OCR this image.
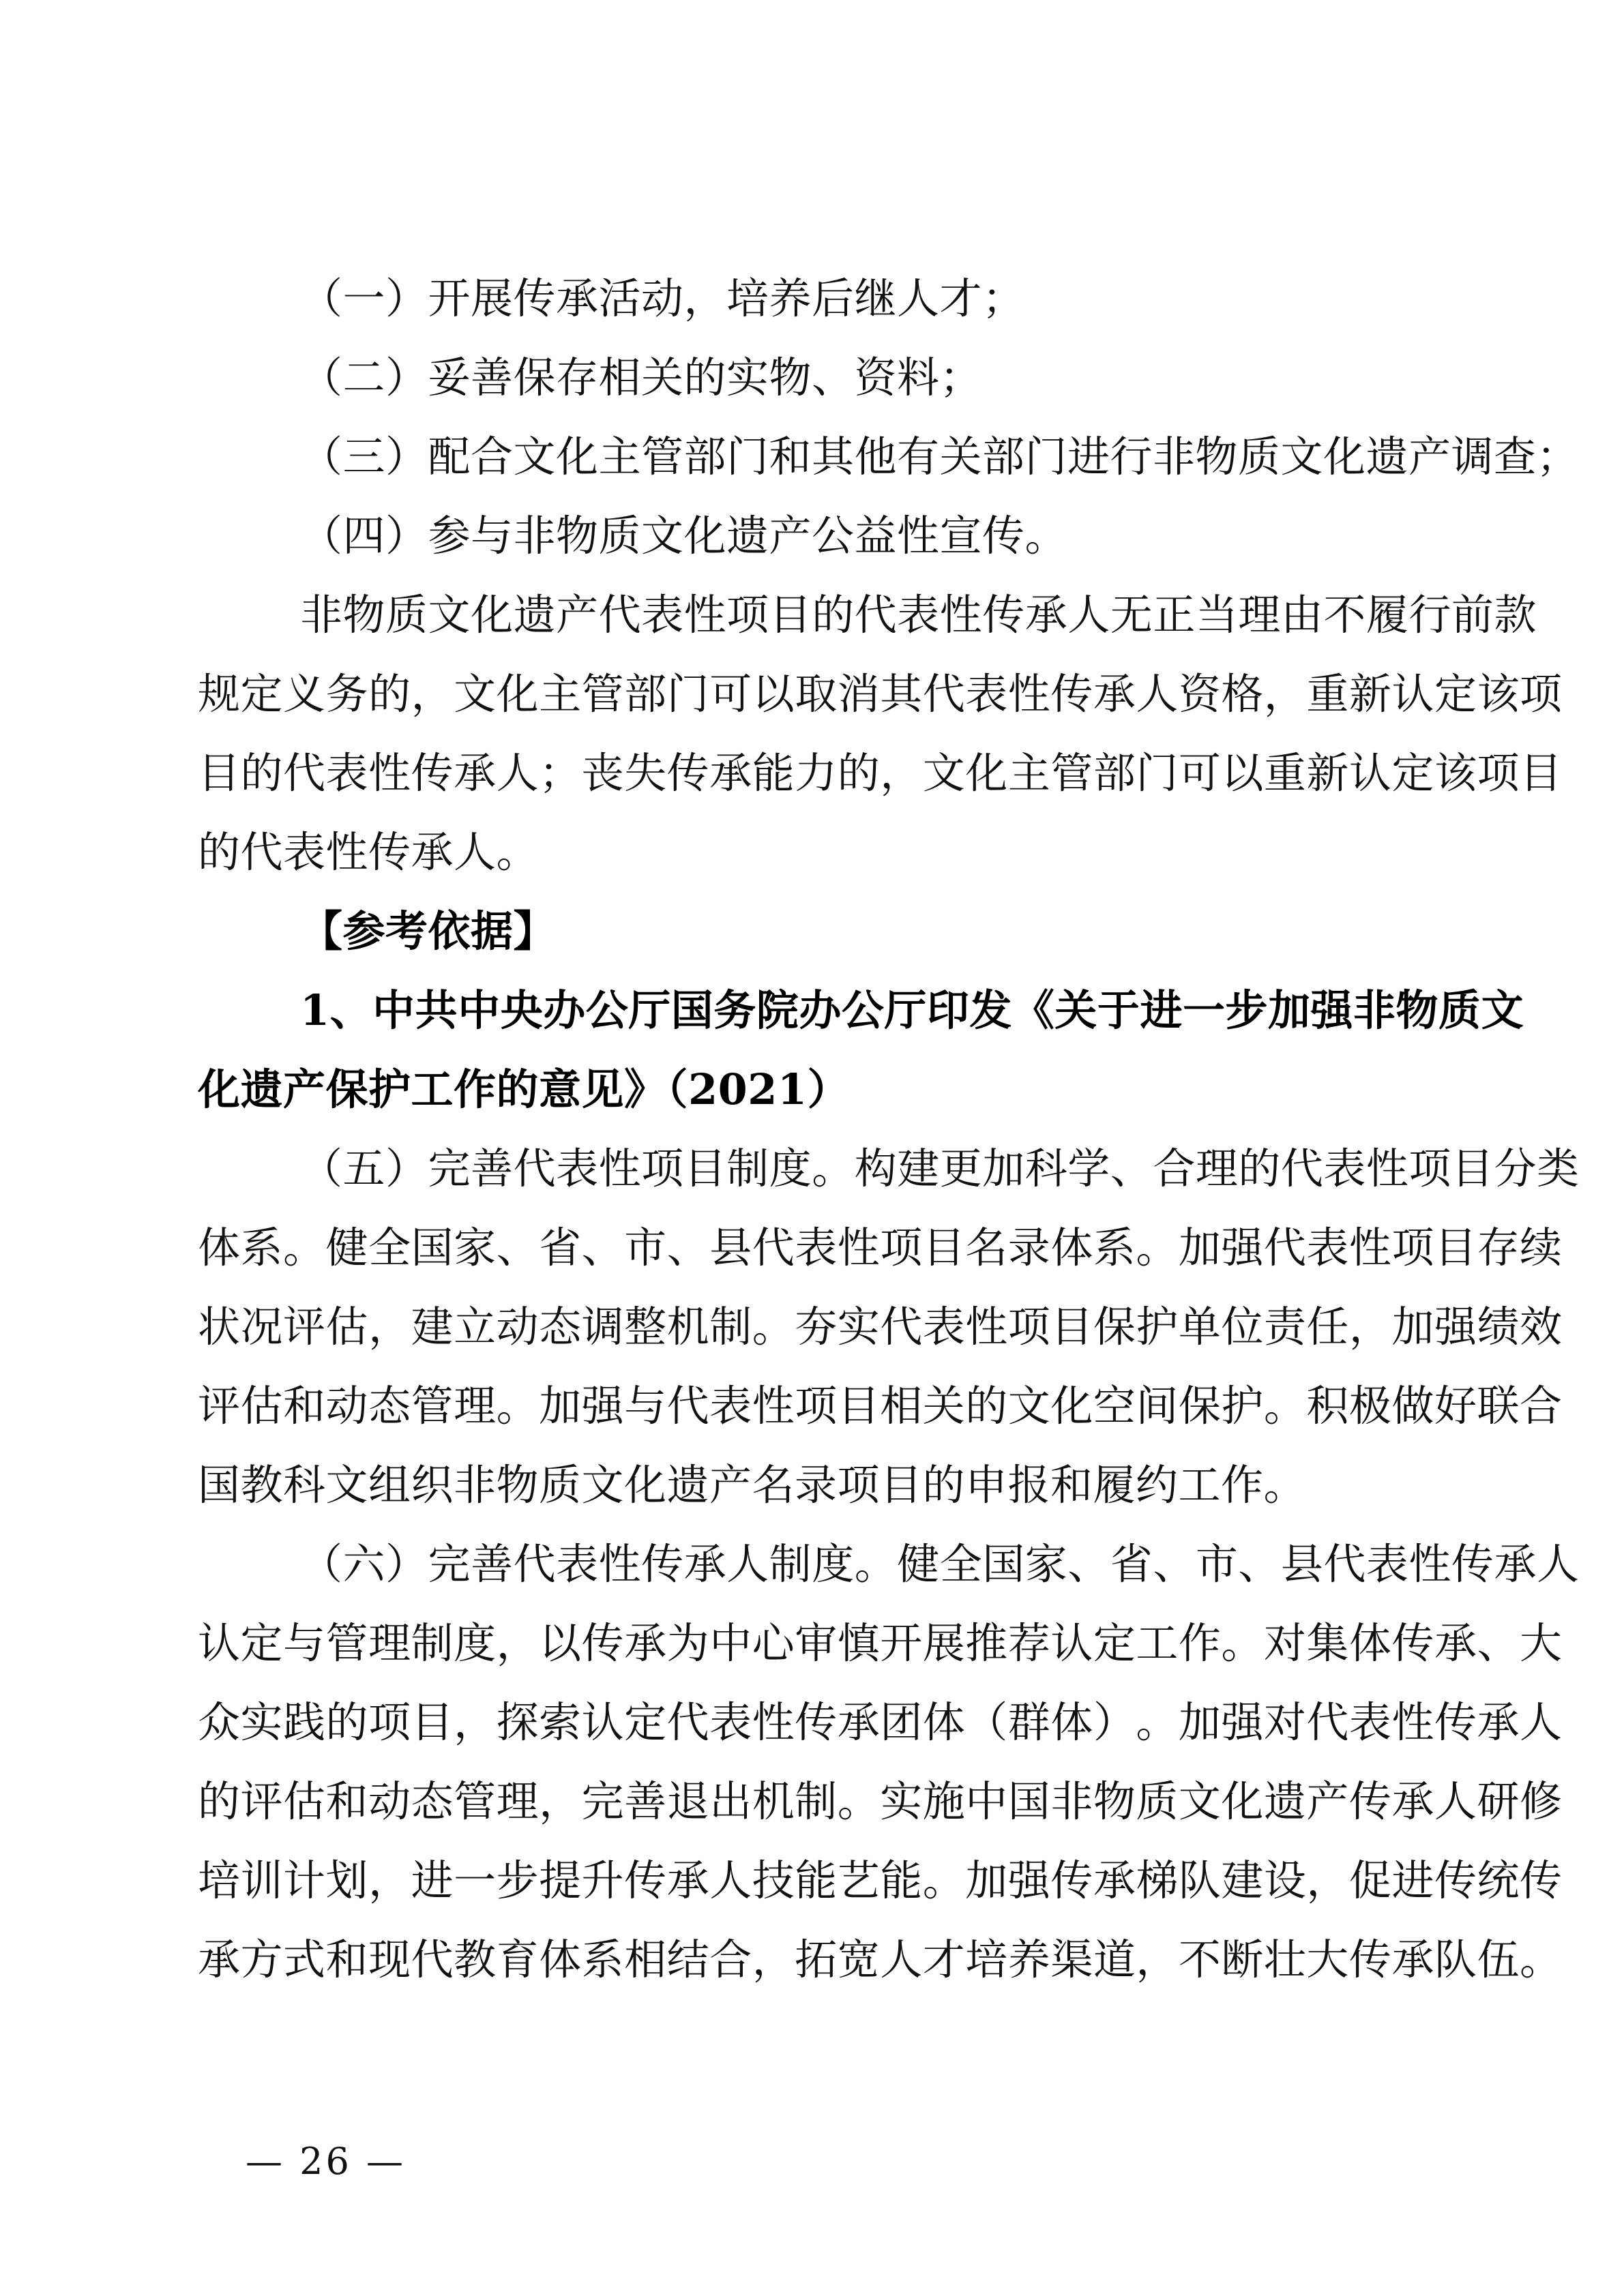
（一）开展传承活动，培养后继人才；
（二）妥善保存相关的实物、资料；
（三）配合文化主管部门和其他有关部门进行非物质文化遗产调查；
（四）参与非物质文化遗产公益性宣传。
非 物 质 文 化 遗 产 代 表 性 项 目 的 代 表 性 传 承 人 无 正 当 理 由 不 履 行 前 款
规 定 义 务 的 ， 文 化 主 管 部 门 可 以 取 消 其 代 表 性 传 承 人 资 格 ， 重 新 认 定 该 项
目 的 代 表 性 传 承 人 ； 丧 失 传 承 能 力 的 ， 文 化 主 管 部 门 可 以 重 新 认 定 该 项 目
的代表性传承人。
【参考依据】
1 、 中 共 中 央 办 公 厅 国 务 院 办 公 厅 印 发 《 关 于 进 一 步 加 强 非 物 质 文
化遗产保护工作的意见》（2021）
（ 五 ） 完 善 代 表 性 项 目 制 度 。 构 建 更 加 科 学 、 合 理 的 代 表 性 项 目 分 类
体 系 。 健 全 国 家 、 省 、 市 、 县 代 表 性 项 目 名 录 体 系 。 加 强 代 表 性 项 目 存 续
状 况 评 估 ， 建 立 动 态 调 整 机 制 。 夯 实 代 表 性 项 目 保 护 单 位 责 任 ， 加 强 绩 效
评 估 和 动 态 管 理 。 加 强 与 代 表 性 项 目 相 关 的 文 化 空 间 保 护 。 积 极 做 好 联 合
国教科文组织非物质文化遗产名录项目的申报和履约工作。
（ 六 ） 完 善 代 表 性 传 承 人 制 度 。 健 全 国 家 、 省 、 市 、 县 代 表 性 传 承 人
认 定 与 管 理 制 度 ， 以 传 承 为 中 心 审 慎 开 展 推 荐 认 定 工 作 。 对 集 体 传 承 、 大
众 实 践 的 项 目 ， 探 索 认 定 代 表 性 传 承 团 体 （ 群 体 ） 。 加 强 对 代 表 性 传 承 人
的 评 估 和 动 态 管 理 ， 完 善 退 出 机 制 。 实 施 中 国 非 物 质 文 化 遗 产 传 承 人 研 修
培 训 计 划 ， 进 一 步 提 升 传 承 人 技 能 艺 能 。 加 强 传 承 梯 队 建 设 ， 促 进 传 统 传
承 方 式 和 现 代 教 育 体 系 相 结 合 ， 拓 宽 人 才 培 养 渠 道 ， 不 断 壮 大 传 承 队 伍 。
— 26 —
